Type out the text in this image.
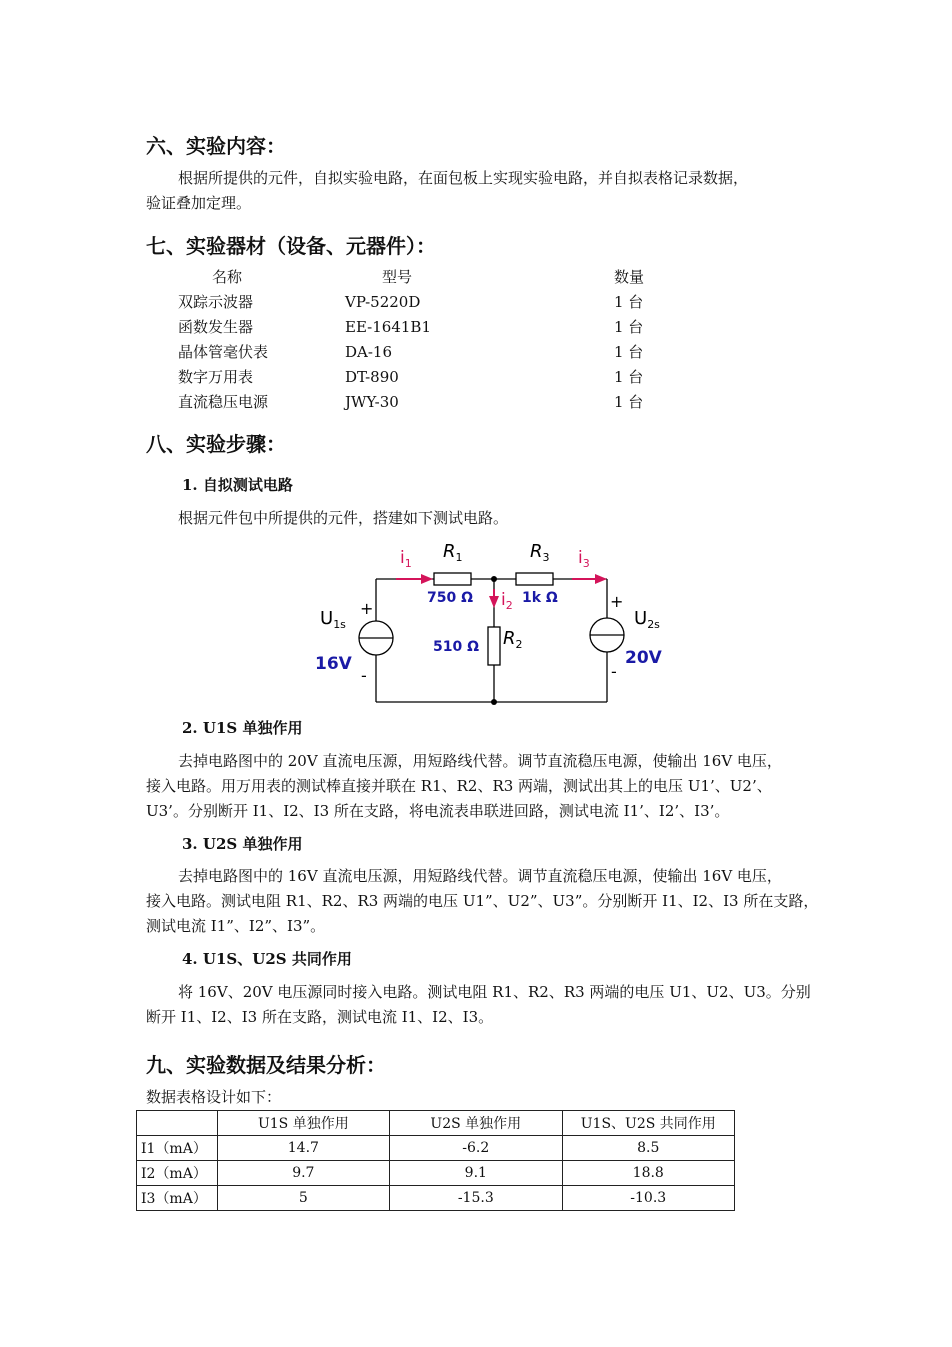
六、实验内容：
根据所提供的元件，自拟实验电路，在面包板上实现实验电路，并自拟表格记录数据，
验证叠加定理。
七、实验器材（设备、元器件）：
名称	型号	数量
双踪示波器	VP-5220D	1 台
函数发生器	EE-1641B1	1 台
晶体管毫伏表	DA-16	1 台
数字万用表	DT-890	1 台
直流稳压电源	JWY-30	1 台
八、实验步骤：
1. 自拟测试电路
根据元件包中所提供的元件，搭建如下测试电路。
$i_1$	$i_3$
$i_2$
$R_1$	$R_3$
$R_2$
750 Ω	1k Ω
510 Ω
$U_{1s}$	$U_{2s}$
16V	20V
+
-
+
-
2. U1S 单独作用
去掉电路图中的 20V 直流电压源，用短路线代替。调节直流稳压电源，使输出 16V 电压，
接入电路。用万用表的测试棒直接并联在 R1、R2、R3 两端，测试出其上的电压 U1’、U2’、
U3’。分别断开 I1、I2、I3 所在支路，将电流表串联进回路，测试电流 I1’、I2’、I3’。
3. U2S 单独作用
去掉电路图中的 16V 直流电压源，用短路线代替。调节直流稳压电源，使输出 16V 电压，
接入电路。测试电阻 R1、R2、R3 两端的电压 U1”、U2”、U3”。分别断开 I1、I2、I3 所在支路，
测试电流 I1”、I2”、I3”。
4. U1S、U2S 共同作用
将 16V、20V 电压源同时接入电路。测试电阻 R1、R2、R3 两端的电压 U1、U2、U3。分别
断开 I1、I2、I3 所在支路，测试电流 I1、I2、I3。
九、实验数据及结果分析：
数据表格设计如下：
	U1S 单独作用	U2S 单独作用	U1S、U2S 共同作用
I1（mA）	14.7	-6.2	8.5
I2（mA）	9.7	9.1	18.8
I3（mA）	5	-15.3	-10.3
